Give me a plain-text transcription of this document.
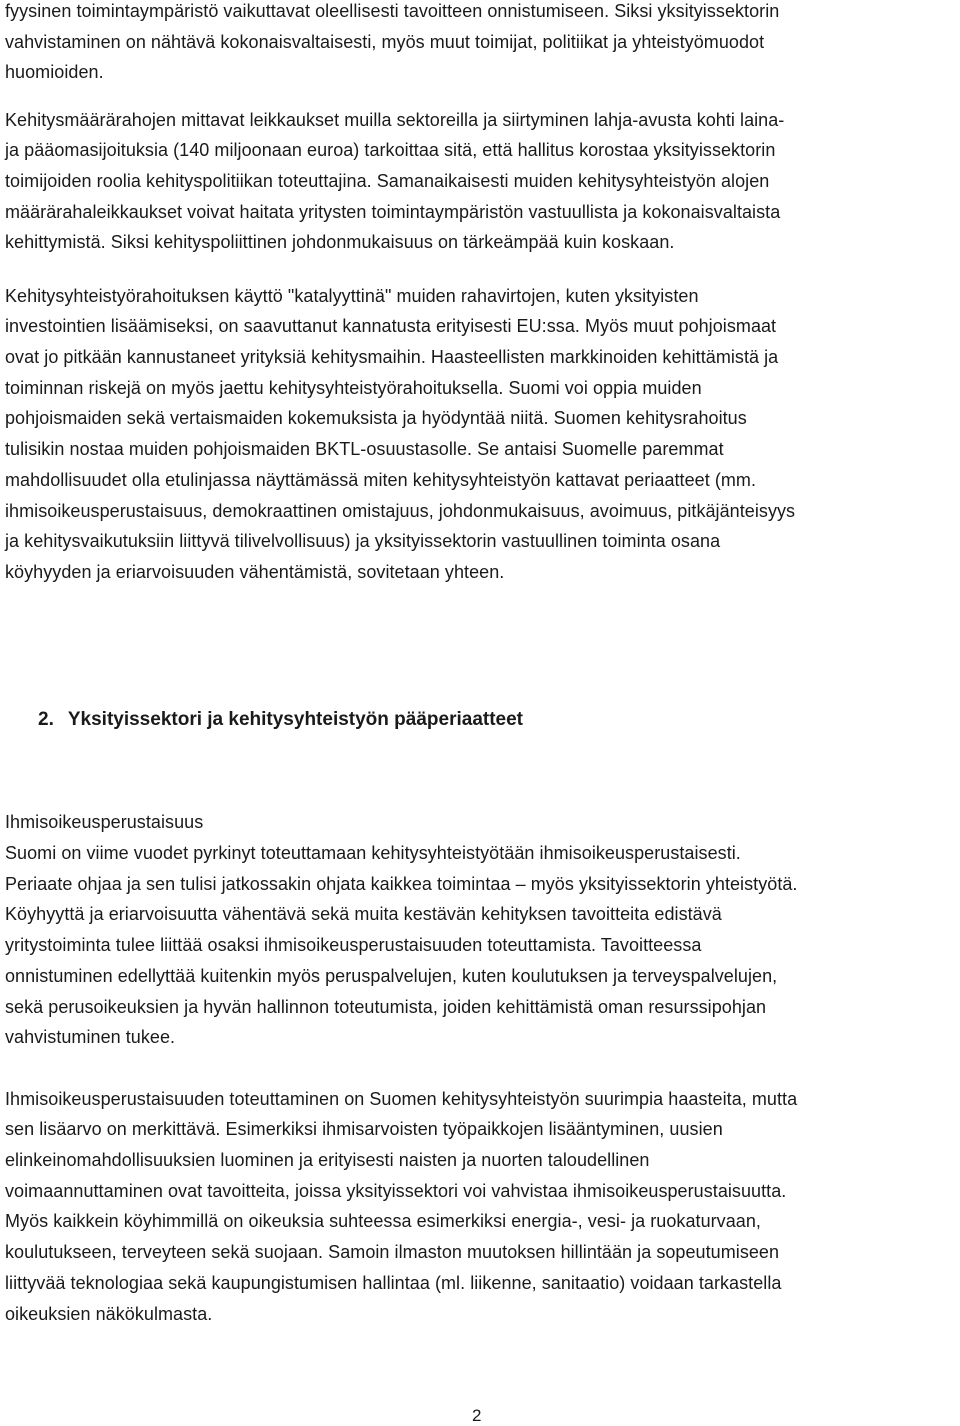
fyysinen toimintaympäristö vaikuttavat oleellisesti tavoitteen onnistumiseen. Siksi yksityissektorin
vahvistaminen on nähtävä kokonaisvaltaisesti, myös muut toimijat, politiikat ja yhteistyömuodot
huomioiden.
Kehitysmäärärahojen mittavat leikkaukset muilla sektoreilla ja siirtyminen lahja-avusta kohti laina-
ja pääomasijoituksia (140 miljoonaan euroa) tarkoittaa sitä, että hallitus korostaa yksityissektorin
toimijoiden roolia kehityspolitiikan toteuttajina. Samanaikaisesti muiden kehitysyhteistyön alojen
määrärahaleikkaukset voivat haitata yritysten toimintaympäristön vastuullista ja kokonaisvaltaista
kehittymistä. Siksi kehityspoliittinen johdonmukaisuus on tärkeämpää kuin koskaan.
Kehitysyhteistyörahoituksen käyttö "katalyyttinä" muiden rahavirtojen, kuten yksityisten
investointien lisäämiseksi, on saavuttanut kannatusta erityisesti EU:ssa. Myös muut pohjoismaat
ovat jo pitkään kannustaneet yrityksiä kehitysmaihin. Haasteellisten markkinoiden kehittämistä ja
toiminnan riskejä on myös jaettu kehitysyhteistyörahoituksella. Suomi voi oppia muiden
pohjoismaiden sekä vertaismaiden kokemuksista ja hyödyntää niitä. Suomen kehitysrahoitus
tulisikin nostaa muiden pohjoismaiden BKTL-osuustasolle. Se antaisi Suomelle paremmat
mahdollisuudet olla etulinjassa näyttämässä miten kehitysyhteistyön kattavat periaatteet (mm.
ihmisoikeusperustaisuus, demokraattinen omistajuus, johdonmukaisuus, avoimuus, pitkäjänteisyys
ja kehitysvaikutuksiin liittyvä tilivelvollisuus) ja yksityissektorin vastuullinen toiminta osana
köyhyyden ja eriarvoisuuden vähentämistä, sovitetaan yhteen.
2. Yksityissektori ja kehitysyhteistyön pääperiaatteet
Ihmisoikeusperustaisuus
Suomi on viime vuodet pyrkinyt toteuttamaan kehitysyhteistyötään ihmisoikeusperustaisesti.
Periaate ohjaa ja sen tulisi jatkossakin ohjata kaikkea toimintaa – myös yksityissektorin yhteistyötä.
Köyhyyttä ja eriarvoisuutta vähentävä sekä muita kestävän kehityksen tavoitteita edistävä
yritystoiminta tulee liittää osaksi ihmisoikeusperustaisuuden toteuttamista. Tavoitteessa
onnistuminen edellyttää kuitenkin myös peruspalvelujen, kuten koulutuksen ja terveyspalvelujen,
sekä perusoikeuksien ja hyvän hallinnon toteutumista, joiden kehittämistä oman resurssipohjan
vahvistuminen tukee.
Ihmisoikeusperustaisuuden toteuttaminen on Suomen kehitysyhteistyön suurimpia haasteita, mutta
sen lisäarvo on merkittävä. Esimerkiksi ihmisarvoisten työpaikkojen lisääntyminen, uusien
elinkeinomahdollisuuksien luominen ja erityisesti naisten ja nuorten taloudellinen
voimaannuttaminen ovat tavoitteita, joissa yksityissektori voi vahvistaa ihmisoikeusperustaisuutta.
Myös kaikkein köyhimmillä on oikeuksia suhteessa esimerkiksi energia-, vesi- ja ruokaturvaan,
koulutukseen, terveyteen sekä suojaan. Samoin ilmaston muutoksen hillintään ja sopeutumiseen
liittyvää teknologiaa sekä kaupungistumisen hallintaa (ml. liikenne, sanitaatio) voidaan tarkastella
oikeuksien näkökulmasta.
2
